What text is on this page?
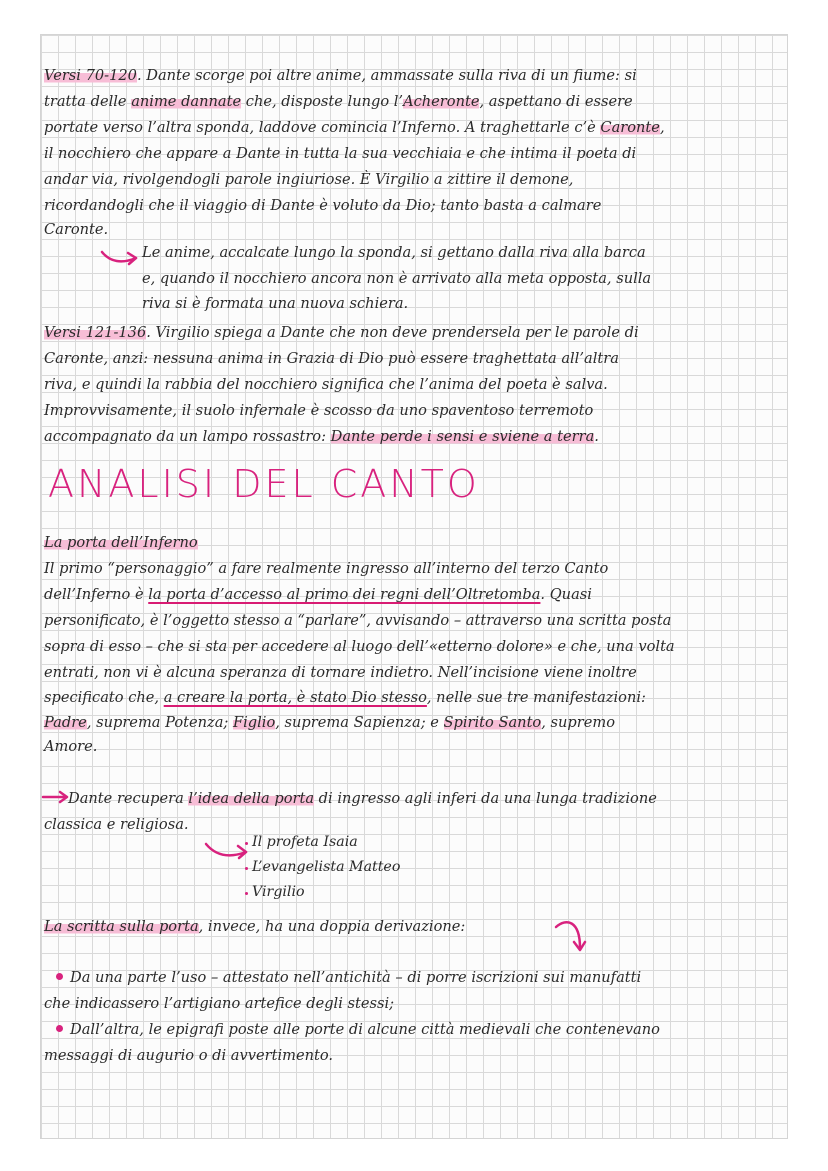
Versi 70-120. Dante scorge poi altre anime, ammassate sulla riva di un fiume: si
tratta delle anime dannate che, disposte lungo l’Acheronte, aspettano di essere
portate verso l’altra sponda, laddove comincia l’Inferno. A traghettarle c’è Caronte,
il nocchiero che appare a Dante in tutta la sua vecchiaia e che intima il poeta di
andar via, rivolgendogli parole ingiuriose. È Virgilio a zittire il demone,
ricordandogli che il viaggio di Dante è voluto da Dio; tanto basta a calmare
Caronte.
Le anime, accalcate lungo la sponda, si gettano dalla riva alla barca
e, quando il nocchiero ancora non è arrivato alla meta opposta, sulla
riva si è formata una nuova schiera.
Versi 121-136. Virgilio spiega a Dante che non deve prendersela per le parole di
Caronte, anzi: nessuna anima in Grazia di Dio può essere traghettata all’altra
riva, e quindi la rabbia del nocchiero significa che l’anima del poeta è salva.
Improvvisamente, il suolo infernale è scosso da uno spaventoso terremoto
accompagnato da un lampo rossastro: Dante perde i sensi e sviene a terra.
ANALISI DEL CANTO
La porta dell’Inferno
Il primo “personaggio” a fare realmente ingresso all’interno del terzo Canto
dell’Inferno è la porta d’accesso al primo dei regni dell’Oltretomba. Quasi
personificato, è l’oggetto stesso a “parlare”, avvisando – attraverso una scritta posta
sopra di esso – che si sta per accedere al luogo dell’«etterno dolore» e che, una volta
entrati, non vi è alcuna speranza di tornare indietro. Nell’incisione viene inoltre
specificato che, a creare la porta, è stato Dio stesso, nelle sue tre manifestazioni:
Padre, suprema Potenza; Figlio, suprema Sapienza; e Spirito Santo, supremo
Amore.
Dante recupera l’idea della porta di ingresso agli inferi da una lunga tradizione
classica e religiosa.
Il profeta Isaia
L’evangelista Matteo
Virgilio
La scritta sulla porta, invece, ha una doppia derivazione:
Da una parte l’uso – attestato nell’antichità – di porre iscrizioni sui manufatti
che indicassero l’artigiano artefice degli stessi;
Dall’altra, le epigrafi poste alle porte di alcune città medievali che contenevano
messaggi di augurio o di avvertimento.
